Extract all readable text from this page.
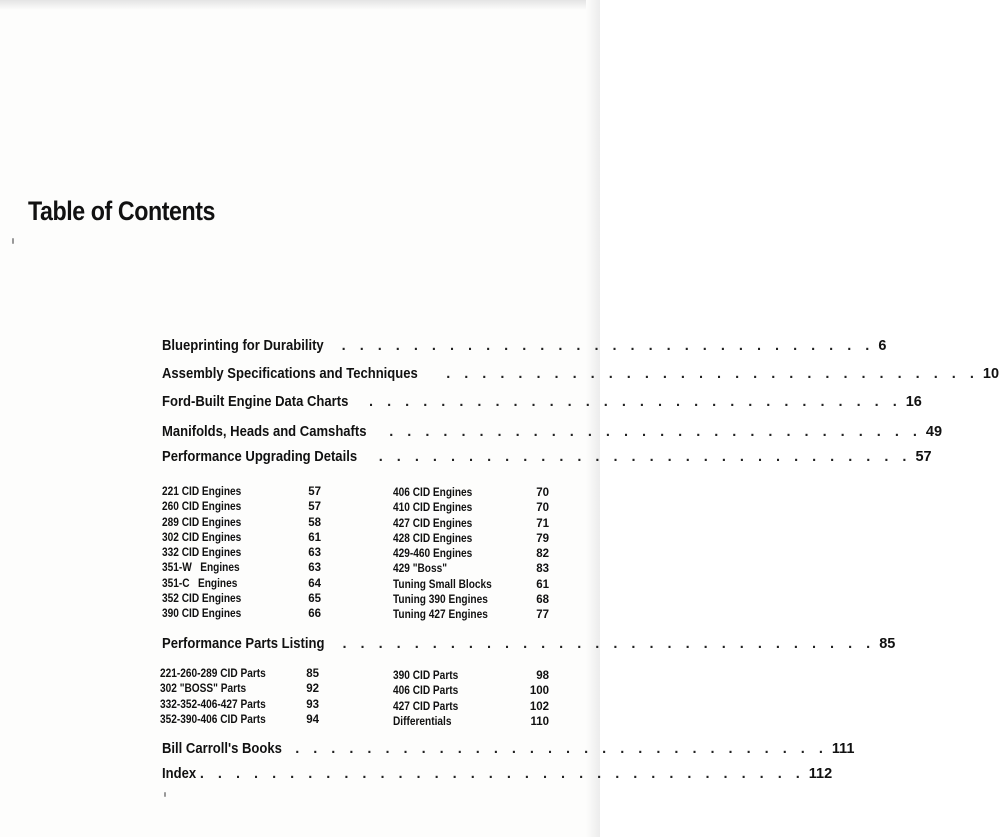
Table of Contents
Blueprinting for Durability . . . . . . . . . . . . . . . . . . . . . . . . . . . . . . 6
Assembly Specifications and Techniques . . . . . . . . . . . . . . . . . . . . . . . . . . . . . . 10
Ford-Built Engine Data Charts . . . . . . . . . . . . . . . . . . . . . . . . . . . . . . 16
Manifolds, Heads and Camshafts . . . . . . . . . . . . . . . . . . . . . . . . . . . . . . 49
Performance Upgrading Details . . . . . . . . . . . . . . . . . . . . . . . . . . . . . . 57
221 CID Engines	57
260 CID Engines	57
289 CID Engines	58
302 CID Engines	61
332 CID Engines	63
351-W   Engines	63
351-C   Engines	64
352 CID Engines	65
390 CID Engines	66
406 CID Engines	70
410 CID Engines	70
427 CID Engines	71
428 CID Engines	79
429-460 Engines	82
429 "Boss"	83
Tuning Small Blocks	61
Tuning 390 Engines	68
Tuning 427 Engines	77
Performance Parts Listing . . . . . . . . . . . . . . . . . . . . . . . . . . . . . . 85
221-260-289 CID Parts	85
302 "BOSS" Parts	92
332-352-406-427 Parts	93
352-390-406 CID Parts	94
390 CID Parts	98
406 CID Parts	100
427 CID Parts	102
Differentials	110
Bill Carroll's Books . . . . . . . . . . . . . . . . . . . . . . . . . . . . . . 111
Index . . . . . . . . . . . . . . . . . . . . . . . . . . . . . . . . . . 112
